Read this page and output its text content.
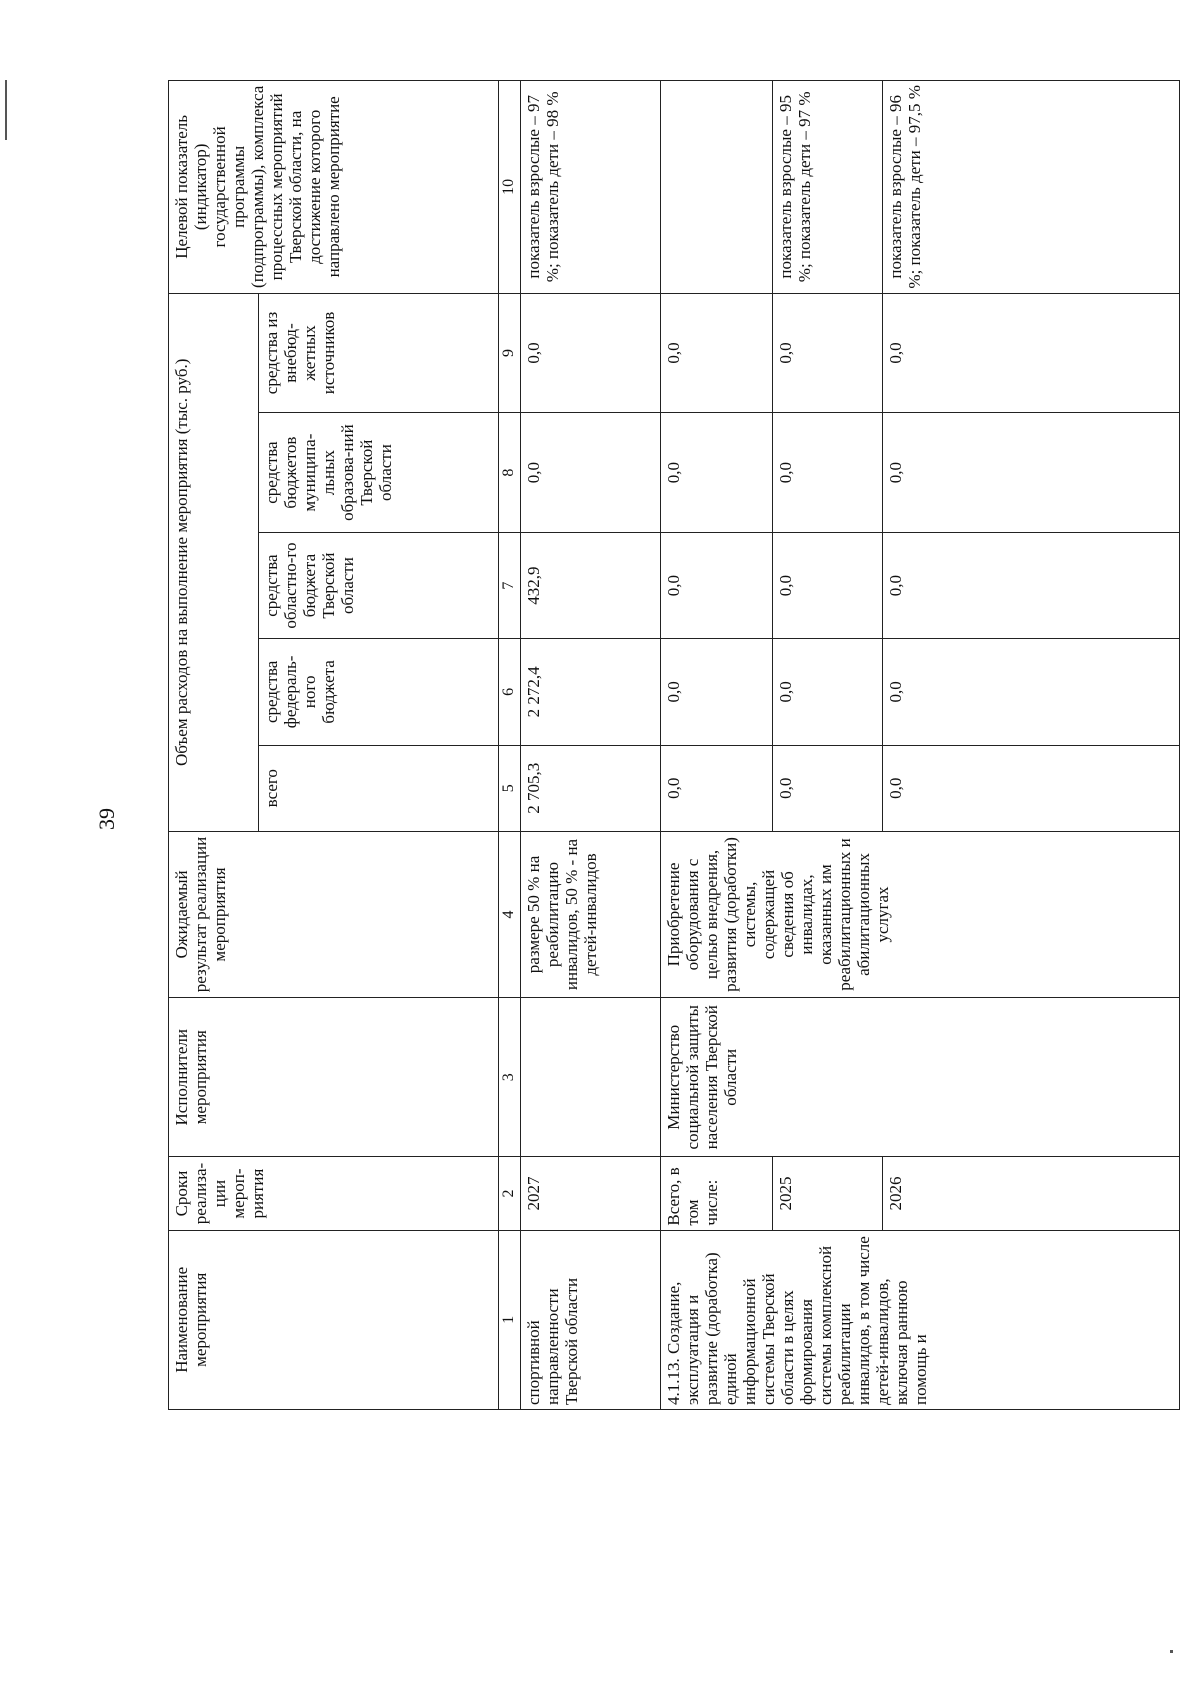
39
Наименование мероприятия	Сроки реализа-ции мероп-риятия	Исполнители мероприятия	Ожидаемый результат реализации мероприятия	Объем расходов на выполнение мероприятия (тыс. руб.)					Целевой показатель (индикатор) государственной программы (подпрограммы), комплекса процессных мероприятий Тверской области, на достижение которого направлено мероприятие
				всего	средства федераль-ного бюджета	средства областно-го бюджета Тверской области	средства бюджетов муниципа-льных образова-ний Тверской области	средства из внебюд-жетных источников	
1	2	3	4	5	6	7	8	9	10
спортивной направленности Тверской области	2027		размере 50 % на реабилитацию инвалидов, 50 % - на детей-инвалидов	2 705,3	2 272,4	432,9	0,0	0,0	показатель взрослые – 97 %; показатель дети – 98 %
4.1.13. Создание, эксплуатация и развитие (доработка) единой информационной системы Тверской области в целях формирования системы комплексной реабилитации инвалидов, в том числе детей-инвалидов, включая раннюю помощь и	Всего, в том числе:	Министерство социальной защиты населения Тверской области	Приобретение оборудования с целью внедрения, развития (доработки) системы, содержащей сведения об инвалидах, оказанных им реабилитационных и абилитационных услугах	0,0	0,0	0,0	0,0	0,0	
	2025			0,0	0,0	0,0	0,0	0,0	показатель взрослые – 95 %; показатель дети – 97 %
	2026			0,0	0,0	0,0	0,0	0,0	показатель взрослые – 96 %; показатель дети – 97,5 %
